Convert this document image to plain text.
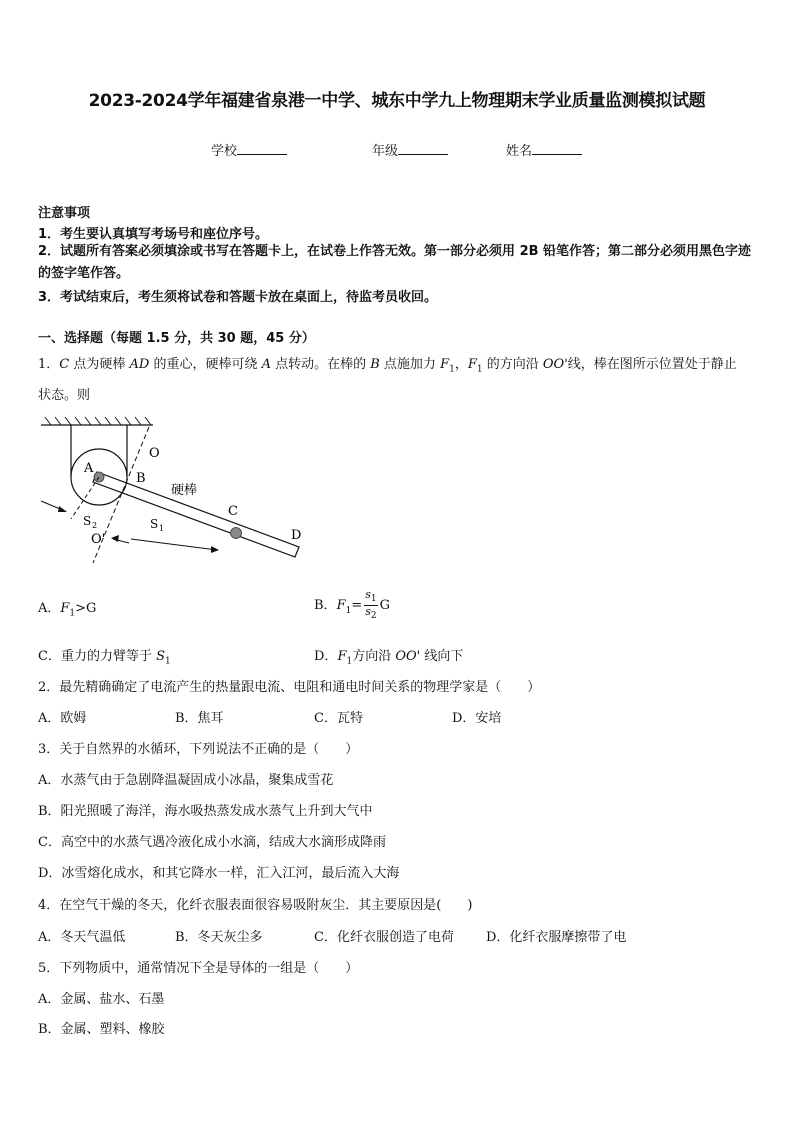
2023-2024学年福建省泉港一中学、城东中学九上物理期末学业质量监测模拟试题
学校	年级	姓名
注意事项
1．考生要认真填写考场号和座位序号。
2．试题所有答案必须填涂或书写在答题卡上，在试卷上作答无效。第一部分必须用 2B 铅笔作答；第二部分必须用黑色字迹的签字笔作答。
3．考试结束后，考生须将试卷和答题卡放在桌面上，待监考员收回。
一、选择题（每题 1.5 分，共 30 题，45 分）
1．C 点为硬棒 AD 的重心，硬棒可绕 A 点转动。在棒的 B 点施加力 $F_1$，$F_1$ 的方向沿 OO'线，棒在图所示位置处于静止
状态。则
A
B
O
硬棒
C
D
S 2	S 1
O'
A．$F_1>G$	B．$F_1= \frac{s_1}{s_2}$ G
C．重力的力臂等于 $S_1$	D．$F_1$方向沿 OO' 线向下
2．最先精确确定了电流产生的热量跟电流、电阻和通电时间关系的物理学家是（　　）
A．欧姆	B．焦耳	C．瓦特	D．安培
3．关于自然界的水循环，下列说法不正确的是（　　）
A．水蒸气由于急剧降温凝固成小冰晶，聚集成雪花
B．阳光照暖了海洋，海水吸热蒸发成水蒸气上升到大气中
C．高空中的水蒸气遇冷液化成小水滴，结成大水滴形成降雨
D．冰雪熔化成水，和其它降水一样，汇入江河，最后流入大海
4．在空气干燥的冬天，化纤衣服表面很容易吸附灰尘．其主要原因是(　　)
A．冬天气温低	B．冬天灰尘多	C．化纤衣服创造了电荷 D．化纤衣服摩擦带了电
5．下列物质中，通常情况下全是导体的一组是（　　）
A．金属、盐水、石墨
B．金属、塑料、橡胶
